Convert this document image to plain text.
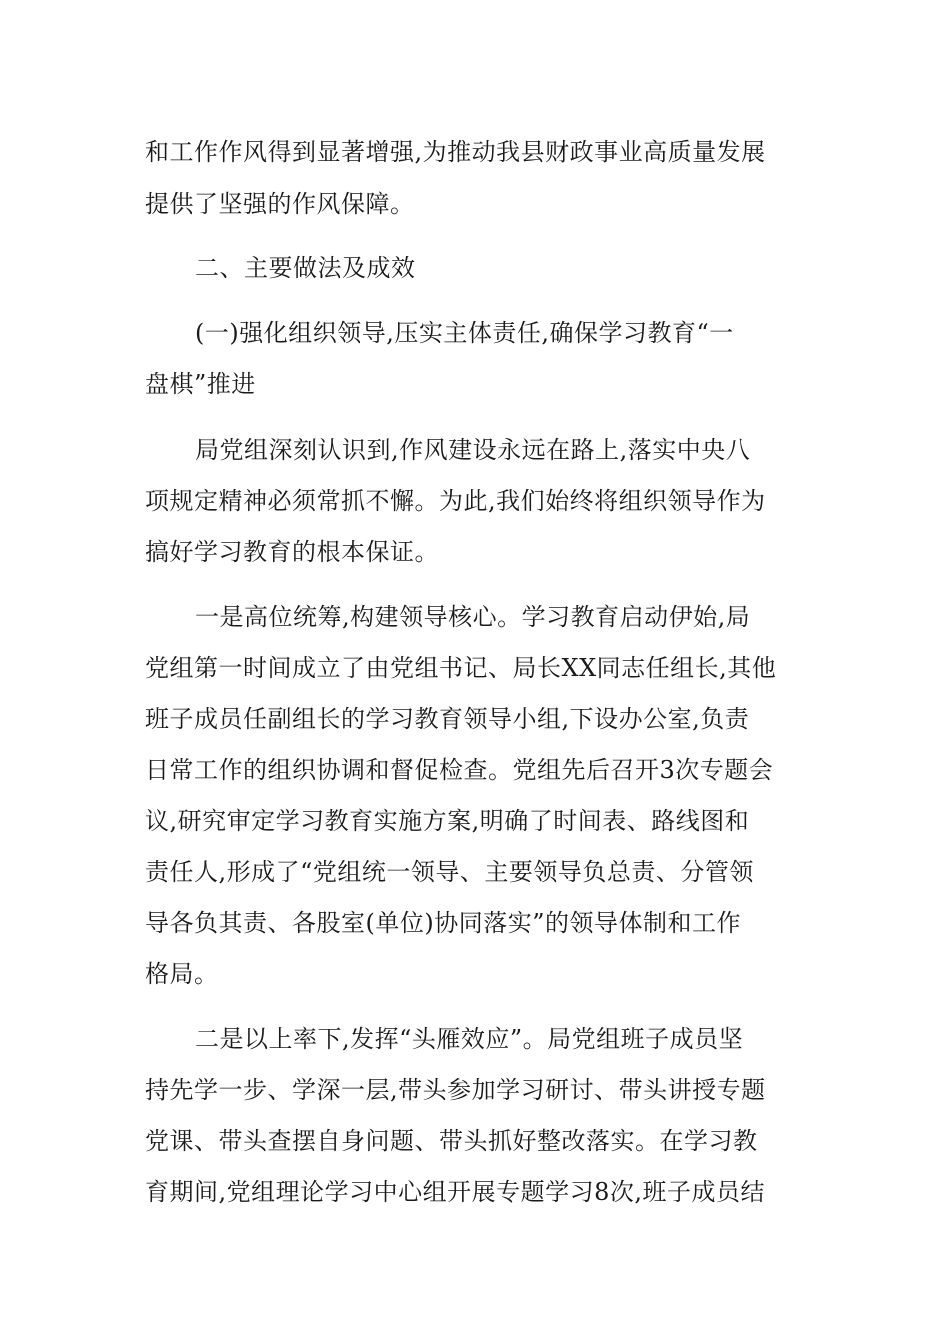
和工作作风得到显著增强,为推动我县财政事业高质量发展
提供了坚强的作风保障。
二、主要做法及成效
(一)强化组织领导,压实主体责任,确保学习教育“一
盘棋”推进
局党组深刻认识到,作风建设永远在路上,落实中央八
项规定精神必须常抓不懈。为此,我们始终将组织领导作为
搞好学习教育的根本保证。
一是高位统筹,构建领导核心。学习教育启动伊始,局
党组第一时间成立了由党组书记、局长XX同志任组长,其他
班子成员任副组长的学习教育领导小组,下设办公室,负责
日常工作的组织协调和督促检查。党组先后召开3次专题会
议,研究审定学习教育实施方案,明确了时间表、路线图和
责任人,形成了“党组统一领导、主要领导负总责、分管领
导各负其责、各股室(单位)协同落实”的领导体制和工作
格局。
二是以上率下,发挥“头雁效应”。局党组班子成员坚
持先学一步、学深一层,带头参加学习研讨、带头讲授专题
党课、带头查摆自身问题、带头抓好整改落实。在学习教
育期间,党组理论学习中心组开展专题学习8次,班子成员结
